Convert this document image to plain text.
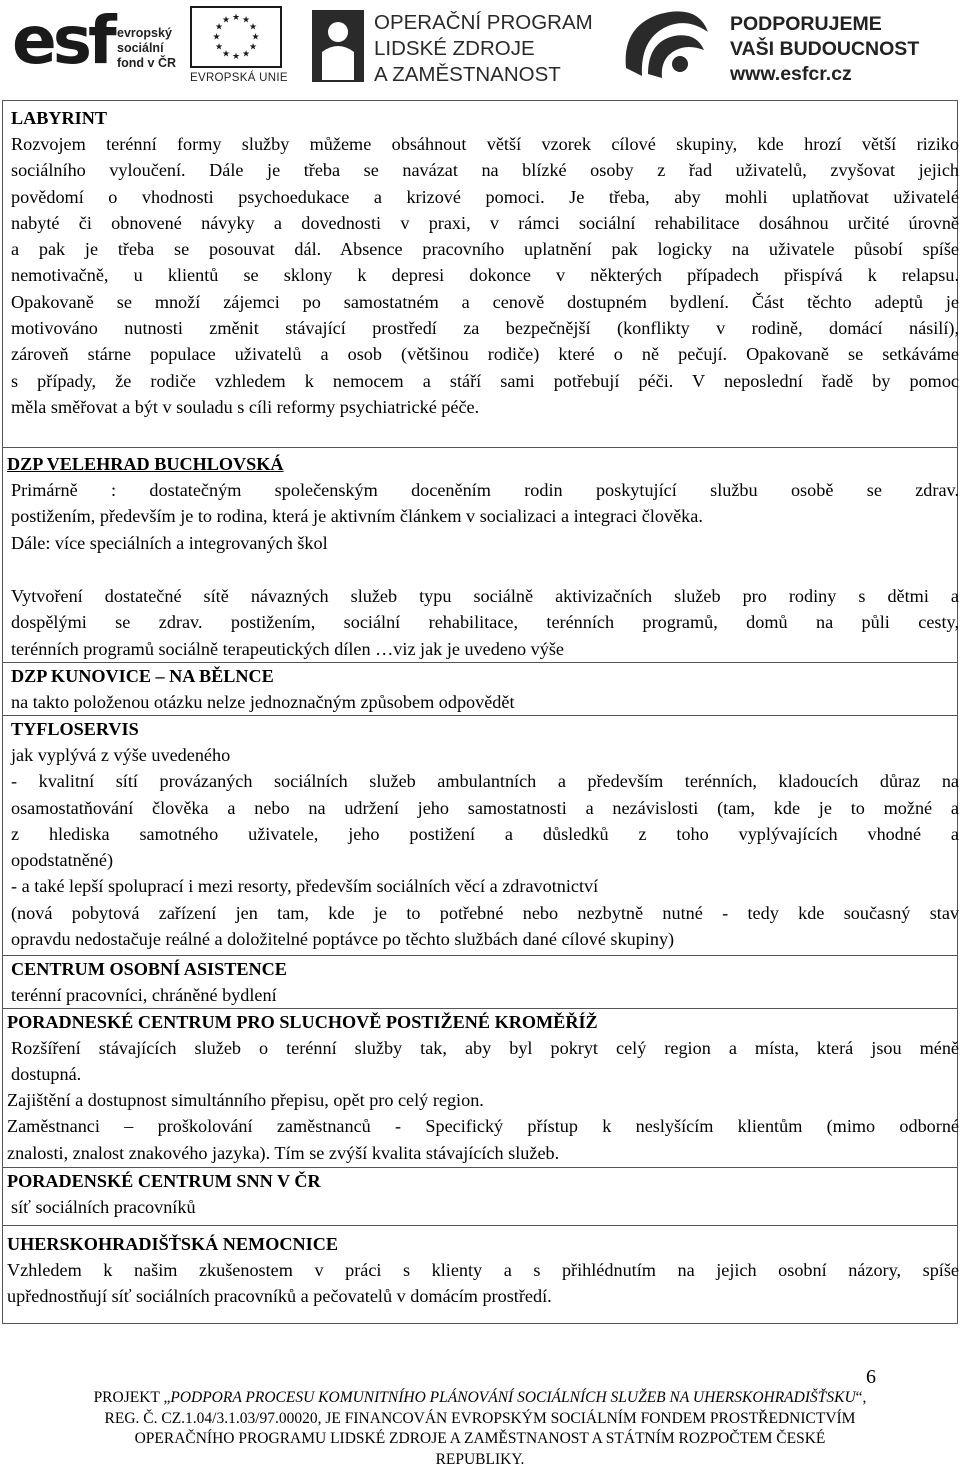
esf evropský
sociální
fond v ČR
★ ★
★
★
★
★
★
★
★
★
★
★
EVROPSKÁ UNIE
OPERAČNÍ PROGRAM
LIDSKÉ ZDROJE
A ZAMĚSTNANOST
PODPORUJEME
VAŠI BUDOUCNOST
www.esfcr.cz
LABYRINT
Rozvojem terénní formy služby můžeme obsáhnout větší vzorek cílové skupiny, kde hrozí větší riziko
sociálního vyloučení. Dále je třeba se navázat na blízké osoby z řad uživatelů, zvyšovat jejich
povědomí o vhodnosti psychoedukace a krizové pomoci. Je třeba, aby mohli uplatňovat uživatelé
nabyté či obnovené návyky a dovednosti v praxi, v rámci sociální rehabilitace dosáhnou určité úrovně
a pak je třeba se posouvat dál. Absence pracovního uplatnění pak logicky na uživatele působí spíše
nemotivačně, u klientů se sklony k depresi dokonce v některých případech přispívá k relapsu.
Opakovaně se množí zájemci po samostatném a cenově dostupném bydlení. Část těchto adeptů je
motivováno nutnosti změnit stávající prostředí za bezpečnější (konflikty v rodině, domácí násilí),
zároveň stárne populace uživatelů a osob (většinou rodiče) které o ně pečují. Opakovaně se setkáváme
s případy, že rodiče vzhledem k nemocem a stáří sami potřebují péči. V neposlední řadě by pomoc
měla směřovat a být v souladu s cíli reformy psychiatrické péče.
DZP VELEHRAD BUCHLOVSKÁ
Primárně : dostatečným společenským doceněním rodin poskytující službu osobě se zdrav.
postižením, především je to rodina, která je aktivním článkem v socializaci a integraci člověka.
Dále: více speciálních a integrovaných škol
Vytvoření dostatečné sítě návazných služeb typu sociálně aktivizačních služeb pro rodiny s dětmi a
dospělými se zdrav. postižením, sociální rehabilitace, terénních programů, domů na půli cesty,
terénních programů sociálně terapeutických dílen …viz jak je uvedeno výše
DZP KUNOVICE – NA BĚLNCE
na takto položenou otázku nelze jednoznačným způsobem odpovědět
TYFLOSERVIS
jak vyplývá z výše uvedeného
- kvalitní sítí provázaných sociálních služeb ambulantních a především terénních, kladoucích důraz na
osamostatňování člověka a nebo na udržení jeho samostatnosti a nezávislosti (tam, kde je to možné a
z hlediska samotného uživatele, jeho postižení a důsledků z toho vyplývajících vhodné a
opodstatněné)
- a také lepší spoluprací i mezi resorty, především sociálních věcí a zdravotnictví
(nová pobytová zařízení jen tam, kde je to potřebné nebo nezbytně nutné - tedy kde současný stav
opravdu nedostačuje reálné a doložitelné poptávce po těchto službách dané cílové skupiny)
CENTRUM OSOBNÍ ASISTENCE
terénní pracovníci, chráněné bydlení
PORADNESKÉ CENTRUM PRO SLUCHOVĚ POSTIŽENÉ KROMĚŘÍŽ
Rozšíření stávajících služeb o terénní služby tak, aby byl pokryt celý region a místa, která jsou méně
dostupná.
Zajištění a dostupnost simultánního přepisu, opět pro celý region.
Zaměstnanci – proškolování zaměstnanců - Specifický přístup k neslyšícím klientům (mimo odborné
znalosti, znalost znakového jazyka). Tím se zvýší kvalita stávajících služeb.
PORADENSKÉ CENTRUM SNN V ČR
síť sociálních pracovníků
UHERSKOHRADIŠŤSKÁ NEMOCNICE
Vzhledem k našim zkušenostem v práci s klienty a s přihlédnutím na jejich osobní názory, spíše
upřednostňují síť sociálních pracovníků a pečovatelů v domácím prostředí.
6
PROJEKT „PODPORA PROCESU KOMUNITNÍHO PLÁNOVÁNÍ SOCIÁLNÍCH SLUŽEB NA UHERSKOHRADIŠŤSKU“,
REG. Č. CZ.1.04/3.1.03/97.00020, JE FINANCOVÁN EVROPSKÝM SOCIÁLNÍM FONDEM PROSTŘEDNICTVÍM
OPERAČNÍHO PROGRAMU LIDSKÉ ZDROJE A ZAMĚSTNANOST A STÁTNÍM ROZPOČTEM ČESKÉ
REPUBLIKY.
